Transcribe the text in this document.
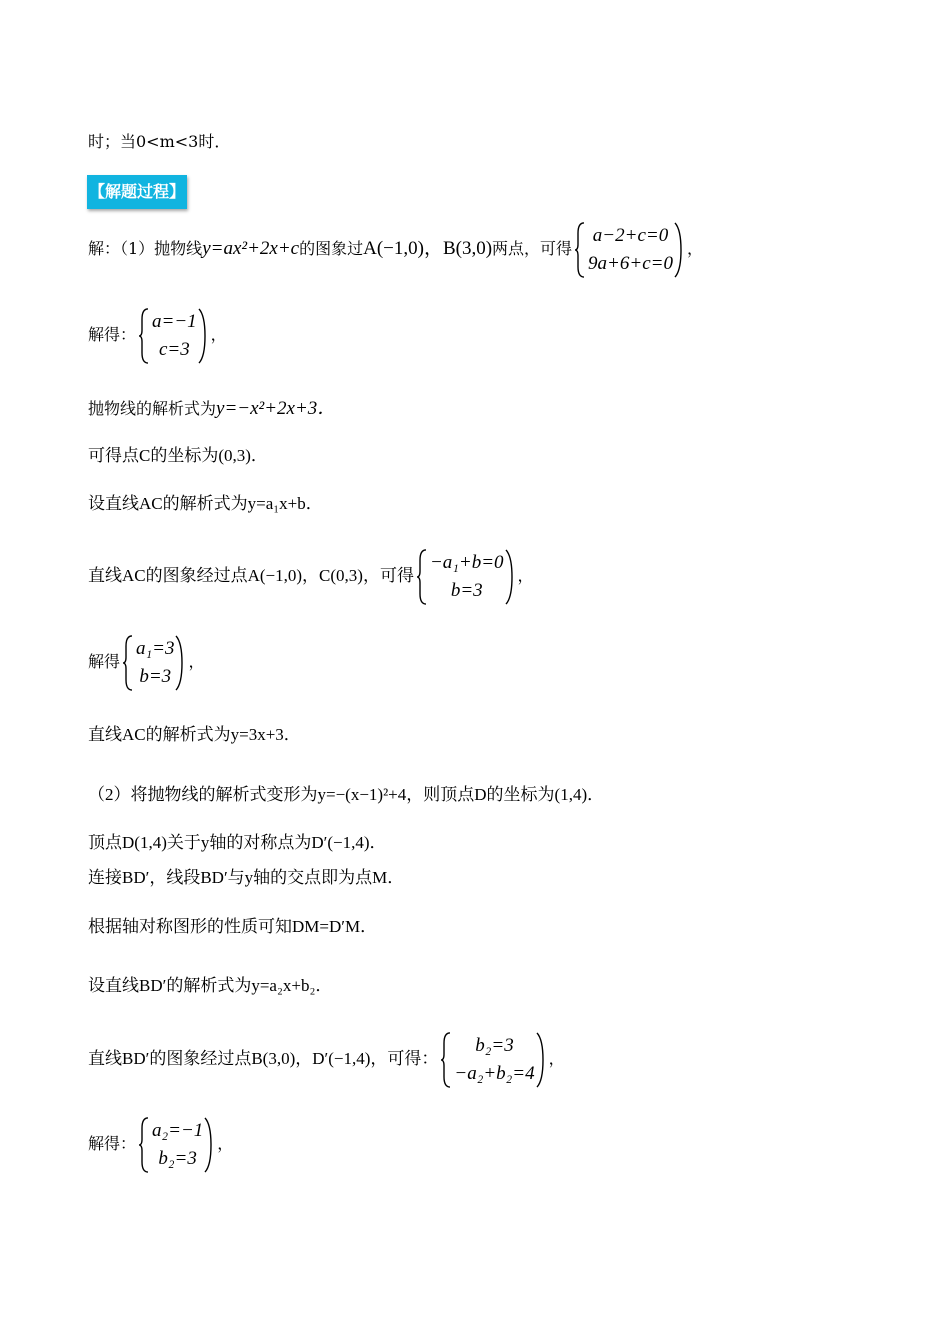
时；当0<m<3时．
【解题过程】
解：（1）抛物线y=ax²+2x+c的图象过A(−1,0)，B(3,0)两点，可得
a−2+c=0
9a+6+c=0
，
解得：
a=−1
c=3
，
抛物线的解析式为y=−x²+2x+3．
可得点C的坐标为(0,3)．
设直线AC的解析式为y=a₁x+b．
直线AC的图象经过点A(−1,0)，C(0,3)，可得
−a₁+b=0
b=3
，
解得
a₁=3
b=3
，
直线AC的解析式为y=3x+3．
（2）将抛物线的解析式变形为y=−(x−1)²+4，则顶点D的坐标为(1,4)．
顶点D(1,4)关于y轴的对称点为D′(−1,4)．
连接BD′，线段BD′与y轴的交点即为点M．
根据轴对称图形的性质可知DM=D′M．
设直线BD′的解析式为y=a₂x+b₂．
直线BD′的图象经过点B(3,0)，D′(−1,4)，可得：
b₂=3
−a₂+b₂=4
，
解得：
a₂=−1
b₂=3
，
